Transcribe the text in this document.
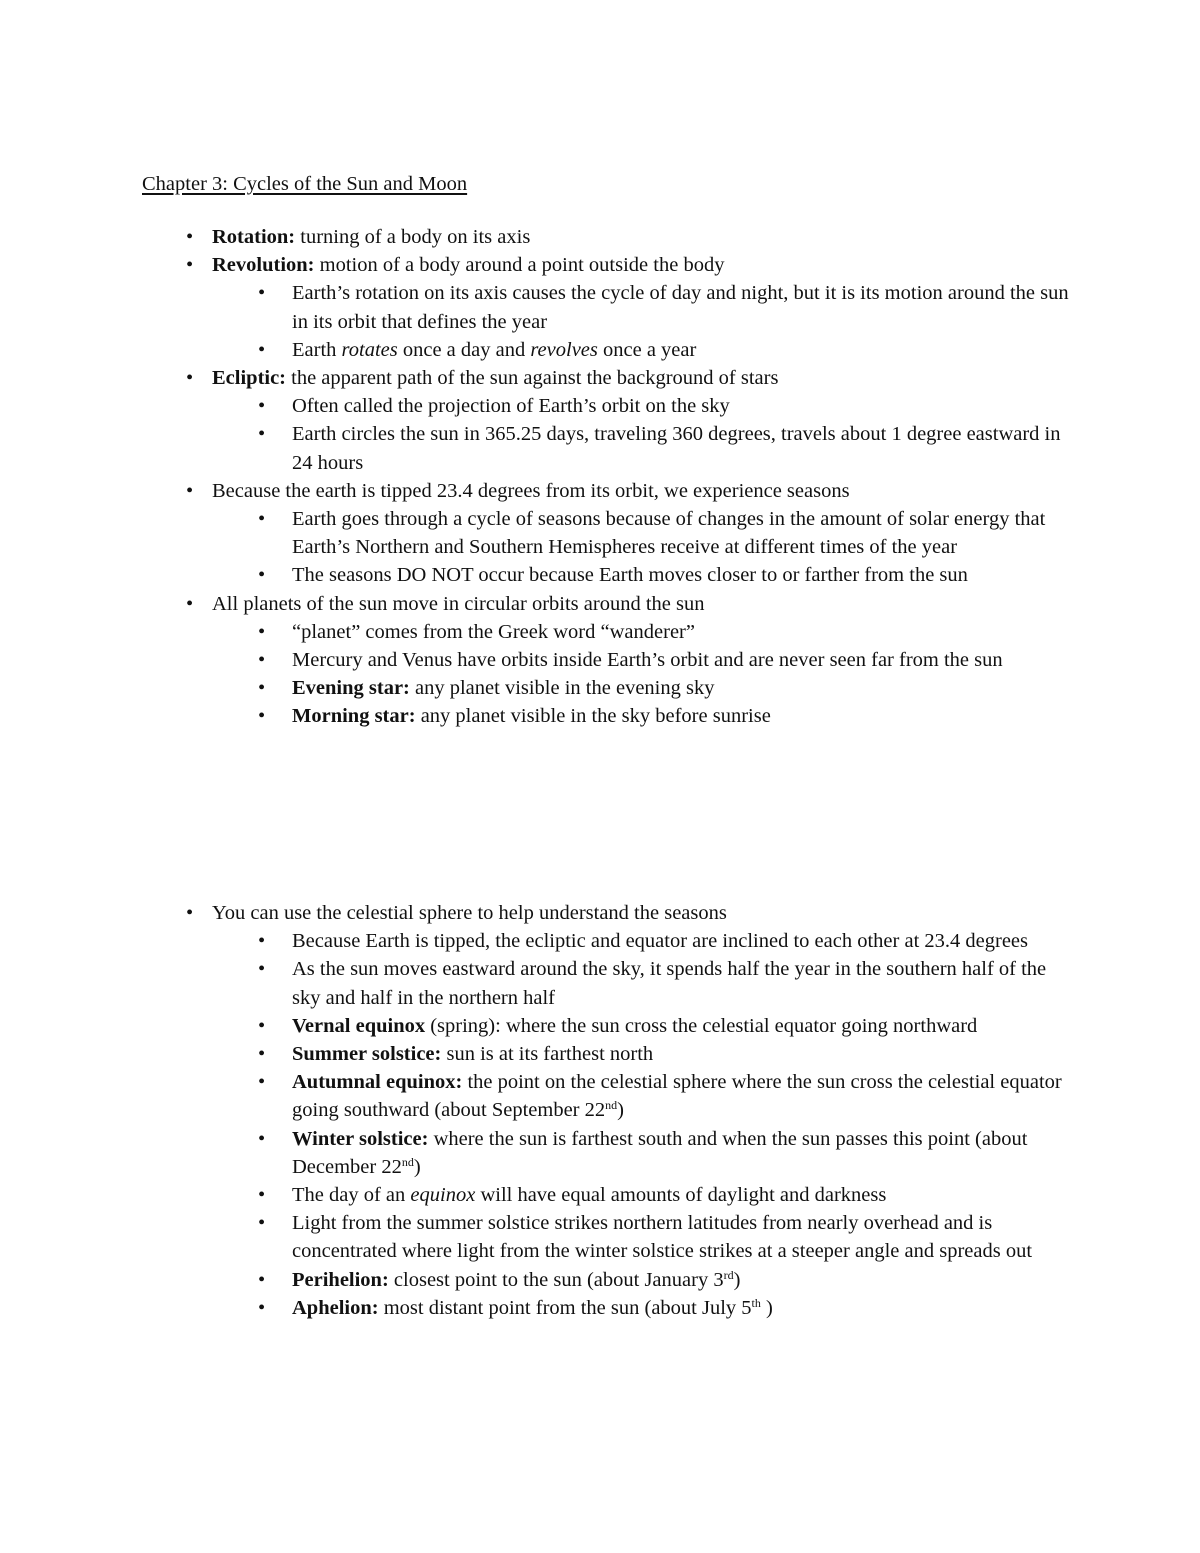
Chapter 3: Cycles of the Sun and Moon
• Rotation: turning of a body on its axis
• Revolution: motion of a body around a point outside the body
• Earth’s rotation on its axis causes the cycle of day and night, but it is its motion around the sun in its orbit that defines the year
• Earth rotates once a day and revolves once a year
• Ecliptic: the apparent path of the sun against the background of stars
• Often called the projection of Earth’s orbit on the sky
• Earth circles the sun in 365.25 days, traveling 360 degrees, travels about 1 degree eastward in 24 hours
• Because the earth is tipped 23.4 degrees from its orbit, we experience seasons
• Earth goes through a cycle of seasons because of changes in the amount of solar energy that Earth’s Northern and Southern Hemispheres receive at different times of the year
• The seasons DO NOT occur because Earth moves closer to or farther from the sun
• All planets of the sun move in circular orbits around the sun
• “planet” comes from the Greek word “wanderer”
• Mercury and Venus have orbits inside Earth’s orbit and are never seen far from the sun
• Evening star: any planet visible in the evening sky
• Morning star: any planet visible in the sky before sunrise
• You can use the celestial sphere to help understand the seasons
• Because Earth is tipped, the ecliptic and equator are inclined to each other at 23.4 degrees
• As the sun moves eastward around the sky, it spends half the year in the southern half of the sky and half in the northern half
• Vernal equinox (spring): where the sun cross the celestial equator going northward
• Summer solstice: sun is at its farthest north
• Autumnal equinox: the point on the celestial sphere where the sun cross the celestial equator going southward (about September 22nd)
• Winter solstice: where the sun is farthest south and when the sun passes this point (about December 22nd)
• The day of an equinox will have equal amounts of daylight and darkness
• Light from the summer solstice strikes northern latitudes from nearly overhead and is concentrated where light from the winter solstice strikes at a steeper angle and spreads out
• Perihelion: closest point to the sun (about January 3rd)
• Aphelion: most distant point from the sun (about July 5th )
